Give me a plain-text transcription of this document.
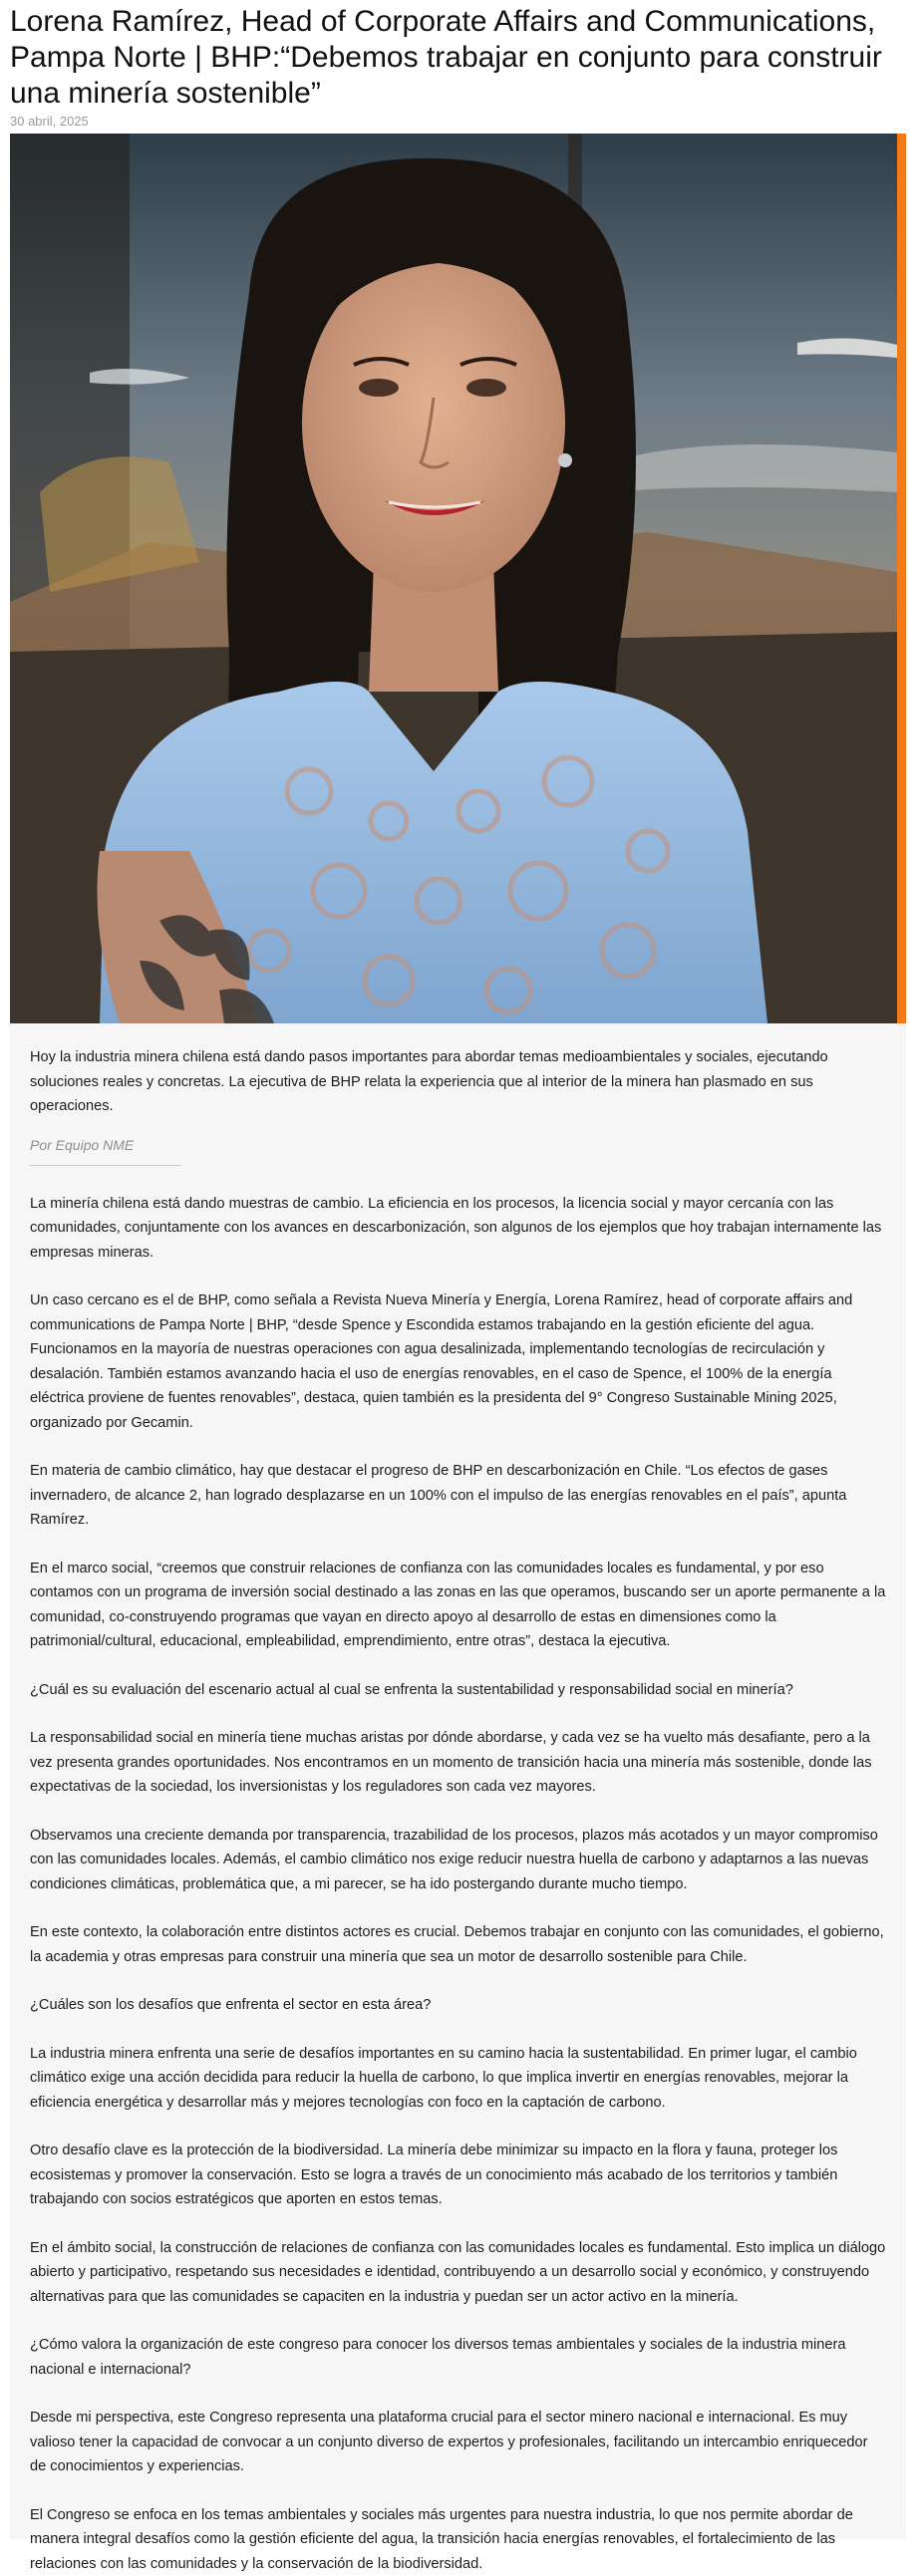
Lorena Ramírez, Head of Corporate Affairs and Communications, Pampa Norte | BHP:“Debemos trabajar en conjunto para construir una minería sostenible”
30 abril, 2025

Hoy la industria minera chilena está dando pasos importantes para abordar temas medioambientales y sociales, ejecutando soluciones reales y concretas. La ejecutiva de BHP relata la experiencia que al interior de la minera han plasmado en sus operaciones.

Por Equipo NME

La minería chilena está dando muestras de cambio. La eficiencia en los procesos, la licencia social y mayor cercanía con las comunidades, conjuntamente con los avances en descarbonización, son algunos de los ejemplos que hoy trabajan internamente las empresas mineras.

Un caso cercano es el de BHP, como señala a Revista Nueva Minería y Energía, Lorena Ramírez, head of corporate affairs and communications de Pampa Norte | BHP, “desde Spence y Escondida estamos trabajando en la gestión eficiente del agua. Funcionamos en la mayoría de nuestras operaciones con agua desalinizada, implementando tecnologías de recirculación y desalación. También estamos avanzando hacia el uso de energías renovables, en el caso de Spence, el 100% de la energía eléctrica proviene de fuentes renovables”, destaca, quien también es la presidenta del 9° Congreso Sustainable Mining 2025, organizado por Gecamin.

En materia de cambio climático, hay que destacar el progreso de BHP en descarbonización en Chile. “Los efectos de gases invernadero, de alcance 2, han logrado desplazarse en un 100% con el impulso de las energías renovables en el país”, apunta Ramírez.

En el marco social, “creemos que construir relaciones de confianza con las comunidades locales es fundamental, y por eso contamos con un programa de inversión social destinado a las zonas en las que operamos, buscando ser un aporte permanente a la comunidad, co-construyendo programas que vayan en directo apoyo al desarrollo de estas en dimensiones como la patrimonial/cultural, educacional, empleabilidad, emprendimiento, entre otras”, destaca la ejecutiva.

¿Cuál es su evaluación del escenario actual al cual se enfrenta la sustentabilidad y responsabilidad social en minería?

La responsabilidad social en minería tiene muchas aristas por dónde abordarse, y cada vez se ha vuelto más desafiante, pero a la vez presenta grandes oportunidades. Nos encontramos en un momento de transición hacia una minería más sostenible, donde las expectativas de la sociedad, los inversionistas y los reguladores son cada vez mayores.

Observamos una creciente demanda por transparencia, trazabilidad de los procesos, plazos más acotados y un mayor compromiso con las comunidades locales. Además, el cambio climático nos exige reducir nuestra huella de carbono y adaptarnos a las nuevas condiciones climáticas, problemática que, a mi parecer, se ha ido postergando durante mucho tiempo.

En este contexto, la colaboración entre distintos actores es crucial. Debemos trabajar en conjunto con las comunidades, el gobierno, la academia y otras empresas para construir una minería que sea un motor de desarrollo sostenible para Chile.

¿Cuáles son los desafíos que enfrenta el sector en esta área?

La industria minera enfrenta una serie de desafíos importantes en su camino hacia la sustentabilidad. En primer lugar, el cambio climático exige una acción decidida para reducir la huella de carbono, lo que implica invertir en energías renovables, mejorar la eficiencia energética y desarrollar más y mejores tecnologías con foco en la captación de carbono.

Otro desafío clave es la protección de la biodiversidad. La minería debe minimizar su impacto en la flora y fauna, proteger los ecosistemas y promover la conservación. Esto se logra a través de un conocimiento más acabado de los territorios y también trabajando con socios estratégicos que aporten en estos temas.

En el ámbito social, la construcción de relaciones de confianza con las comunidades locales es fundamental. Esto implica un diálogo abierto y participativo, respetando sus necesidades e identidad, contribuyendo a un desarrollo social y económico, y construyendo alternativas para que las comunidades se capaciten en la industria y puedan ser un actor activo en la minería.

¿Cómo valora la organización de este congreso para conocer los diversos temas ambientales y sociales de la industria minera nacional e internacional?

Desde mi perspectiva, este Congreso representa una plataforma crucial para el sector minero nacional e internacional. Es muy valioso tener la capacidad de convocar a un conjunto diverso de expertos y profesionales, facilitando un intercambio enriquecedor de conocimientos y experiencias.

El Congreso se enfoca en los temas ambientales y sociales más urgentes para nuestra industria, lo que nos permite abordar de manera integral desafíos como la gestión eficiente del agua, la transición hacia energías renovables, el fortalecimiento de las relaciones con las comunidades y la conservación de la biodiversidad.
